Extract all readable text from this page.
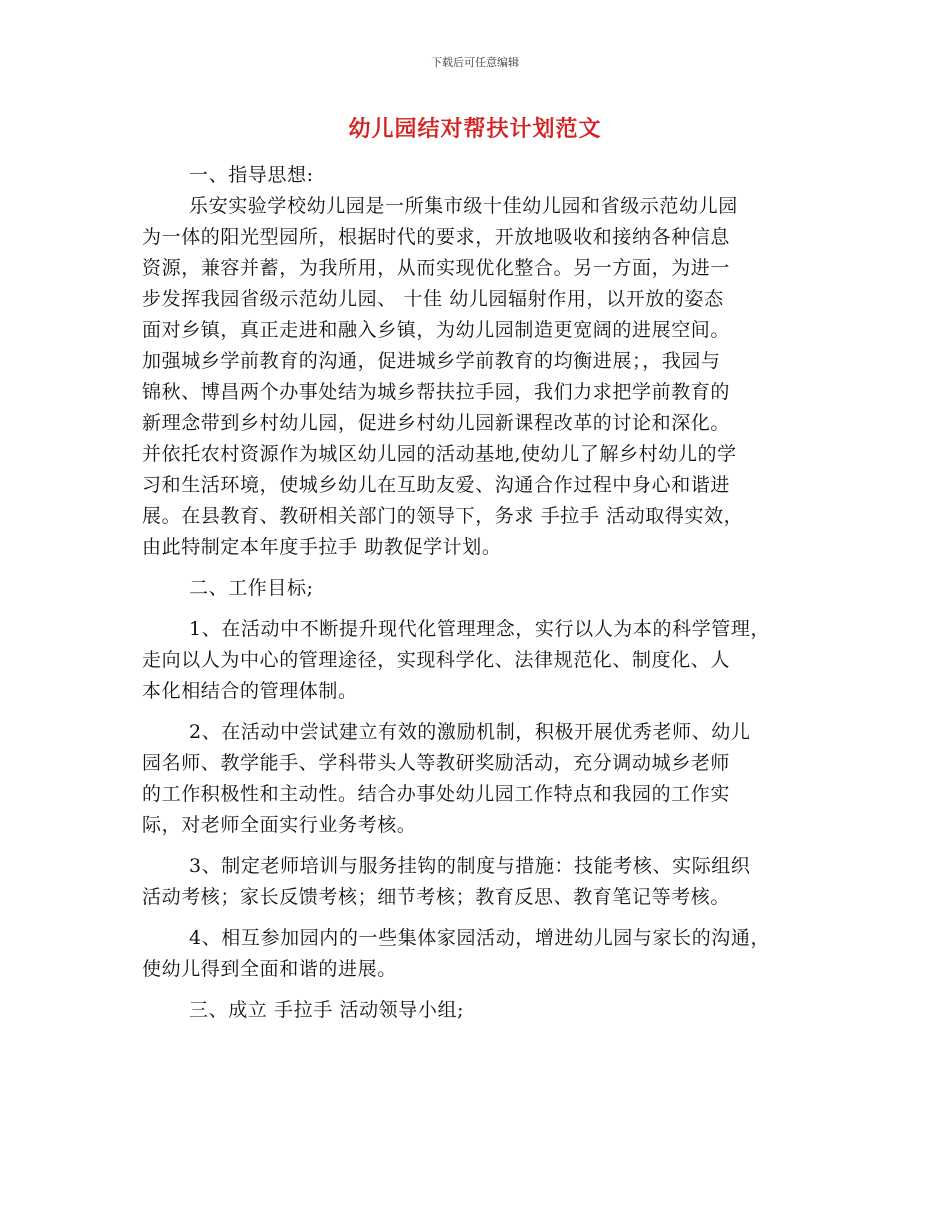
下载后可任意编辑
幼儿园结对帮扶计划范文
一、指导思想:
乐安实验学校幼儿园是一所集市级十佳幼儿园和省级示范幼儿园
为一体的阳光型园所，根据时代的要求，开放地吸收和接纳各种信息
资源，兼容并蓄，为我所用，从而实现优化整合。另一方面，为进一
步发挥我园省级示范幼儿园、 十佳 幼儿园辐射作用，以开放的姿态
面对乡镇，真正走进和融入乡镇，为幼儿园制造更宽阔的进展空间。
加强城乡学前教育的沟通，促进城乡学前教育的均衡进展；，我园与
锦秋、博昌两个办事处结为城乡帮扶拉手园，我们力求把学前教育的
新理念带到乡村幼儿园，促进乡村幼儿园新课程改革的讨论和深化。
并依托农村资源作为城区幼儿园的活动基地,使幼儿了解乡村幼儿的学
习和生活环境，使城乡幼儿在互助友爱、沟通合作过程中身心和谐进
展。在县教育、教研相关部门的领导下，务求 手拉手 活动取得实效，
由此特制定本年度手拉手 助教促学计划。
二、工作目标;
1、在活动中不断提升现代化管理理念，实行以人为本的科学管理，
走向以人为中心的管理途径，实现科学化、法律规范化、制度化、人
本化相结合的管理体制。
2、在活动中尝试建立有效的激励机制，积极开展优秀老师、幼儿
园名师、教学能手、学科带头人等教研奖励活动，充分调动城乡老师
的工作积极性和主动性。结合办事处幼儿园工作特点和我园的工作实
际，对老师全面实行业务考核。
3、制定老师培训与服务挂钩的制度与措施：技能考核、实际组织
活动考核；家长反馈考核；细节考核；教育反思、教育笔记等考核。
4、相互参加园内的一些集体家园活动，增进幼儿园与家长的沟通，
使幼儿得到全面和谐的进展。
三、成立 手拉手 活动领导小组;
